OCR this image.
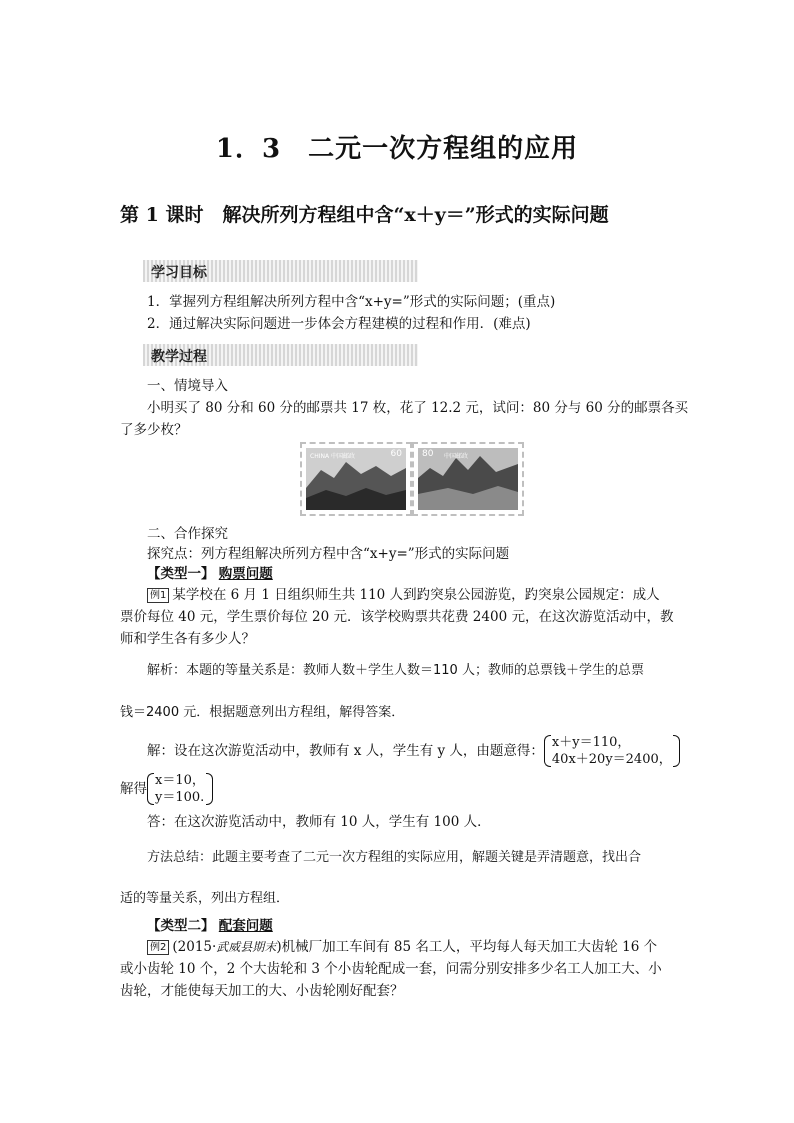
1．3　二元一次方程组的应用
第 1 课时　解决所列方程组中含“x＋y＝”形式的实际问题
学习目标
1．掌握列方程组解决所列方程中含“x+y=”形式的实际问题；(重点)
2．通过解决实际问题进一步体会方程建模的过程和作用．(难点)
教学过程
一、情境导入
小明买了 80 分和 60 分的邮票共 17 枚，花了 12.2 元，试问：80 分与 60 分的邮票各买
了多少枚？
CHINA 中国邮政	60 80 中国邮政
二、合作探究
探究点：列方程组解决所列方程中含“x+y=”形式的实际问题
【类型一】 购票问题
例1 某学校在 6 月 1 日组织师生共 110 人到趵突泉公园游览，趵突泉公园规定：成人
票价每位 40 元，学生票价每位 20 元．该学校购票共花费 2400 元，在这次游览活动中，教
师和学生各有多少人？
解析：本题的等量关系是：教师人数＋学生人数＝110 人；教师的总票钱＋学生的总票
钱＝2400 元．根据题意列出方程组，解得答案．
解：设在这次游览活动中，教师有 x 人，学生有 y 人，由题意得：
x＋y＝110，
40x＋20y＝2400，
解得
x＝10，
y＝100.
答：在这次游览活动中，教师有 10 人，学生有 100 人．
方法总结：此题主要考查了二元一次方程组的实际应用，解题关键是弄清题意，找出合
适的等量关系，列出方程组．
【类型二】 配套问题
例2 (2015·武威县期末)机械厂加工车间有 85 名工人，平均每人每天加工大齿轮 16 个
或小齿轮 10 个，2 个大齿轮和 3 个小齿轮配成一套，问需分别安排多少名工人加工大、小
齿轮，才能使每天加工的大、小齿轮刚好配套？
